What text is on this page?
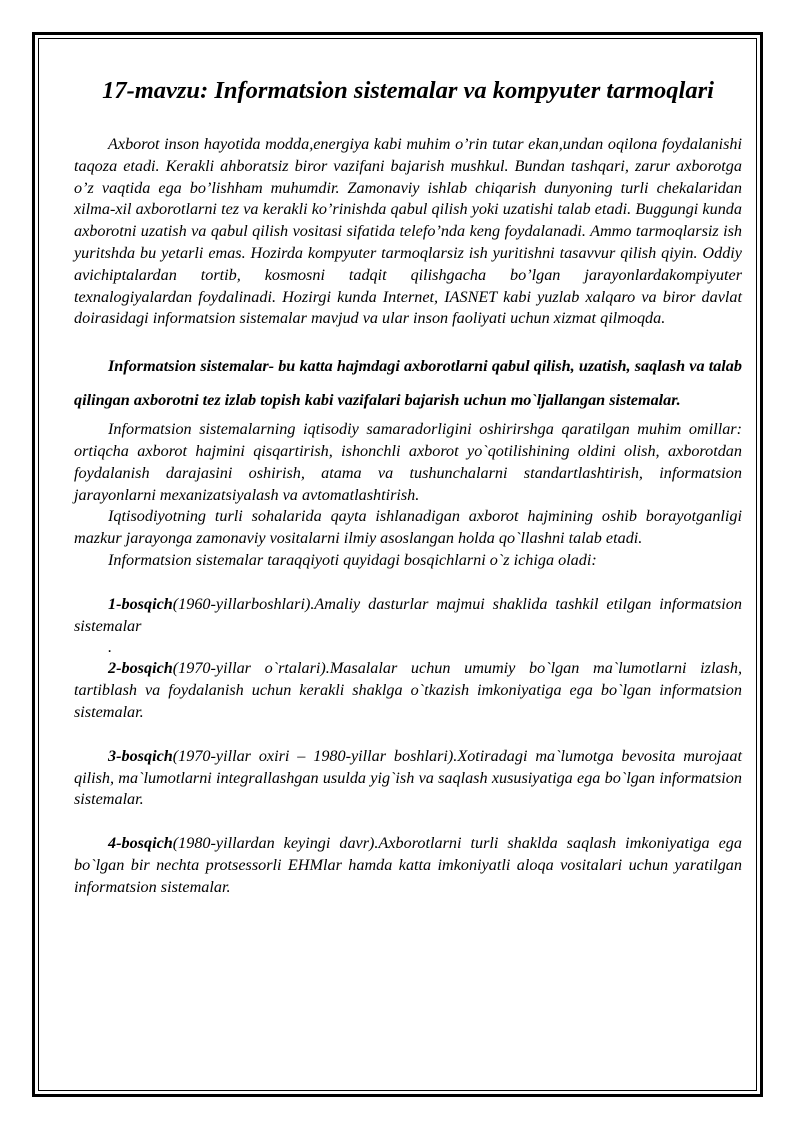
17-mavzu: Informatsion sistemalar va kompyuter tarmoqlari

Axborot inson hayotida modda,energiya kabi muhim o’rin tutar ekan,undan oqilona foydalanishi taqoza etadi. Kerakli ahboratsiz biror vazifani bajarish mushkul. Bundan tashqari, zarur axborotga o’z vaqtida ega bo’lishham muhumdir. Zamonaviy ishlab chiqarish dunyoning turli chekalaridan xilma-xil axborotlarni tez va kerakli ko’rinishda qabul qilish yoki uzatishi talab etadi. Buggungi kunda axborotni uzatish va qabul qilish vositasi sifatida telefo’nda keng foydalanadi. Ammo tarmoqlarsiz ish yuritshda bu yetarli emas. Hozirda kompyuter tarmoqlarsiz ish yuritishni tasavvur qilish qiyin. Oddiy avichiptalardan tortib, kosmosni tadqit qilishgacha bo’lgan jarayonlardakompiyuter texnalogiyalardan foydalinadi. Hozirgi kunda Internet, IASNET kabi yuzlab xalqaro va biror davlat doirasidagi informatsion sistemalar mavjud va ular inson faoliyati uchun xizmat qilmoqda.

Informatsion sistemalar- bu katta hajmdagi axborotlarni qabul qilish, uzatish, saqlash va talab qilingan axborotni tez izlab topish kabi vazifalari bajarish uchun mo`ljallangan sistemalar.

Informatsion sistemalarning iqtisodiy samaradorligini oshirirshga qaratilgan muhim omillar: ortiqcha axborot hajmini qisqartirish, ishonchli axborot yo`qotilishining oldini olish, axborotdan foydalanish darajasini oshirish, atama va tushunchalarni standartlashtirish, informatsion jarayonlarni mexanizatsiyalash va avtomatlashtirish.

Iqtisodiyotning turli sohalarida qayta ishlanadigan axborot hajmining oshib borayotganligi mazkur jarayonga zamonaviy vositalarni ilmiy asoslangan holda qo`llashni talab etadi.

Informatsion sistemalar taraqqiyoti quyidagi bosqichlarni o`z ichiga oladi:

1-bosqich(1960-yillarboshlari).Amaliy dasturlar majmui shaklida tashkil etilgan informatsion sistemalar

.

2-bosqich(1970-yillar o`rtalari).Masalalar uchun umumiy bo`lgan ma`lumotlarni izlash, tartiblash va foydalanish uchun kerakli shaklga o`tkazish imkoniyatiga ega bo`lgan informatsion sistemalar.

3-bosqich(1970-yillar oxiri – 1980-yillar boshlari).Xotiradagi ma`lumotga bevosita murojaat qilish, ma`lumotlarni integrallashgan usulda yig`ish va saqlash xususiyatiga ega bo`lgan informatsion sistemalar.

4-bosqich(1980-yillardan keyingi davr).Axborotlarni turli shaklda saqlash imkoniyatiga ega bo`lgan bir nechta protsessorli EHMlar hamda katta imkoniyatli aloqa vositalari uchun yaratilgan informatsion sistemalar.
